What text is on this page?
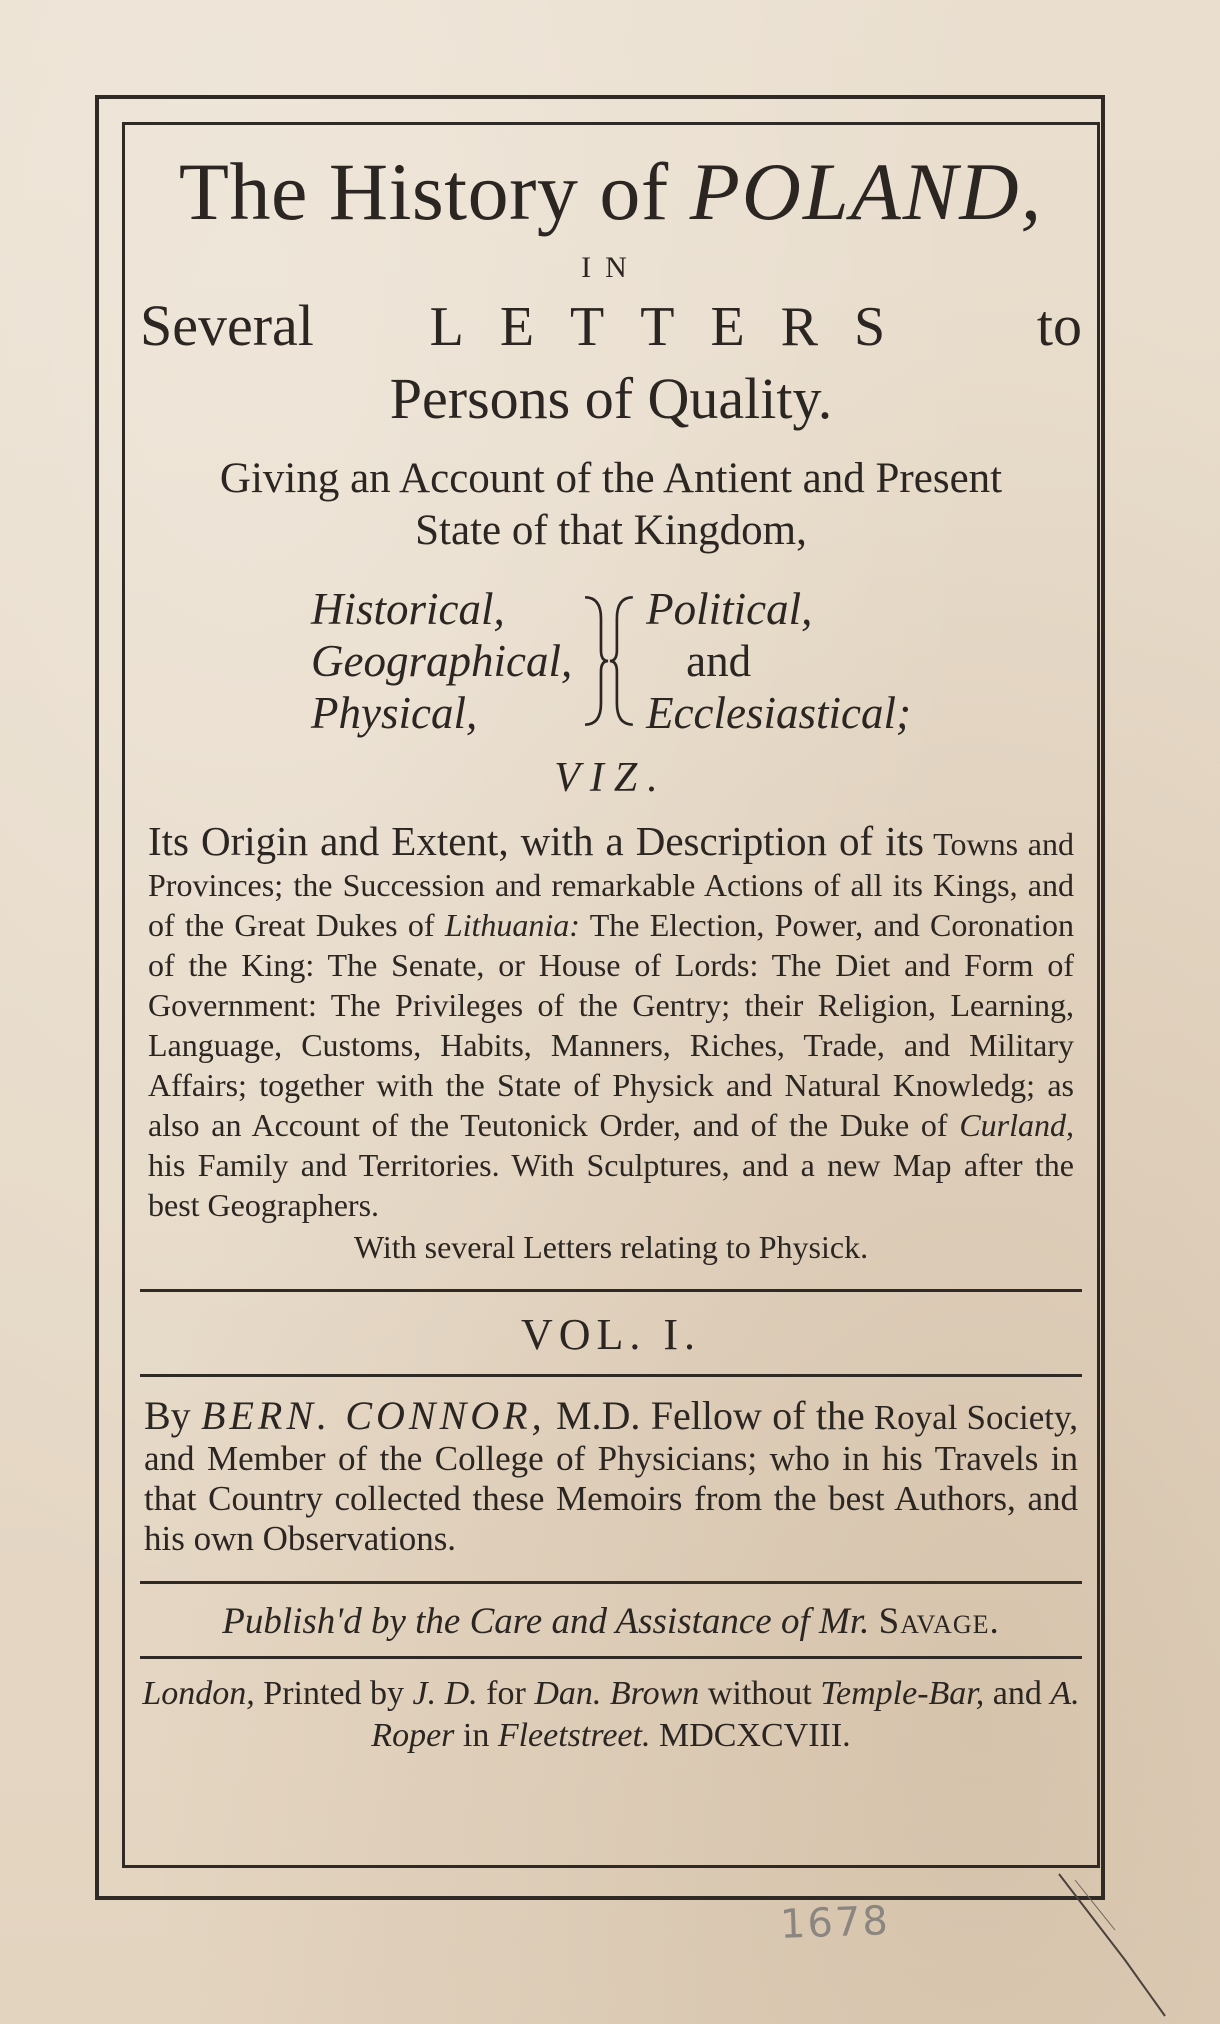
The History of POLAND,
IN
Several LETTERS to
Persons of Quality.
Giving an Account of the Antient and Present
State of that Kingdom,
Historical,
Geographical,
Physical,
Political,
and
Ecclesiastical;
VIZ.
Its Origin and Extent, with a Description of its Towns and Provinces; the Succession and remarkable Actions of all its Kings, and of the Great Dukes of Lithuania: The Election, Power, and Coronation of the King: The Senate, or House of Lords: The Diet and Form of Government: The Privileges of the Gentry; their Religion, Learning, Language, Customs, Habits, Manners, Riches, Trade, and Military Affairs; together with the State of Physick and Natural Knowledg; as also an Account of the Teutonick Order, and of the Duke of Curland, his Family and Territories. With Sculptures, and a new Map after the best Geographers.
With several Letters relating to Physick.
VOL. I.
By BERN. CONNOR, M.D. Fellow of the Royal Society, and Member of the College of Physicians; who in his Travels in that Country collected these Memoirs from the best Authors, and his own Observations.
Publish'd by the Care and Assistance of Mr. Savage.
London, Printed by J. D. for Dan. Brown without Temple-Bar, and A. Roper in Fleetstreet. MDCXCVIII.
1678
